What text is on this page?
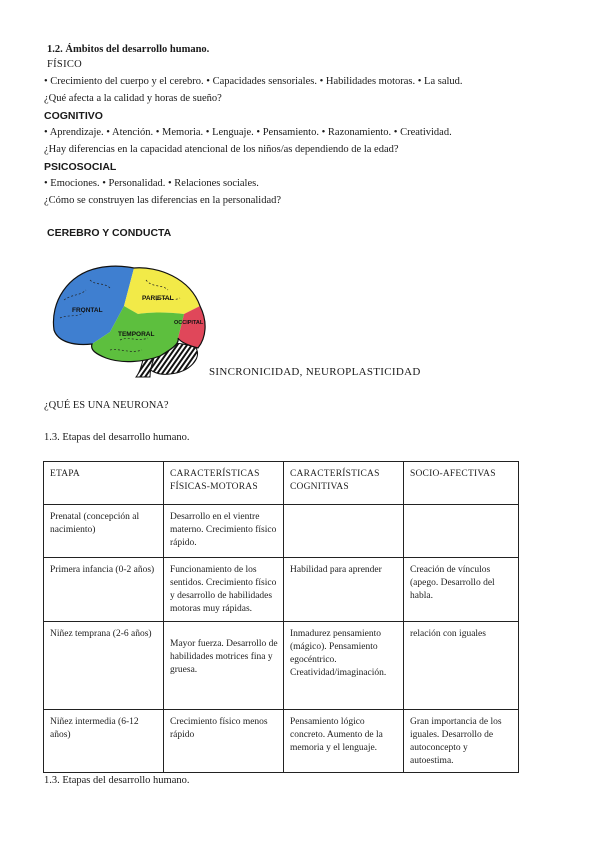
1.2. Ámbitos del desarrollo humano.
FÍSICO
• Crecimiento del cuerpo y el cerebro. • Capacidades sensoriales. • Habilidades motoras. • La salud.
¿Qué afecta a la calidad y horas de sueño?
COGNITIVO
• Aprendizaje. • Atención. • Memoria. • Lenguaje. • Pensamiento. • Razonamiento. • Creatividad.
¿Hay diferencias en la capacidad atencional de los niños/as dependiendo de la edad?
PSICOSOCIAL
• Emociones. • Personalidad. • Relaciones sociales.
¿Cómo se construyen las diferencias en la personalidad?
CEREBRO Y CONDUCTA
FRONTAL
PARIETAL
OCCIPITAL
TEMPORAL
SINCRONICIDAD, NEUROPLASTICIDAD
¿QUÉ ES UNA NEURONA?
1.3. Etapas del desarrollo humano.
ETAPA	CARACTERÍSTICAS FÍSICAS-MOTORAS	CARACTERÍSTICAS COGNITIVAS	SOCIO-AFECTIVAS

Prenatal (concepción al nacimiento)	Desarrollo en el vientre materno. Crecimiento físico rápido.		

Primera infancia (0-2 años)	Funcionamiento de los sentidos. Crecimiento físico y desarrollo de habilidades motoras muy rápidas.	Habilidad para aprender	Creación de vínculos (apego. Desarrollo del habla.

Niñez temprana (2-6 años)	Mayor fuerza. Desarrollo de habilidades motrices fina y gruesa.	Inmadurez pensamiento (mágico). Pensamiento egocéntrico. Creatividad/imaginación.	relación con iguales

Niñez intermedia (6-12 años)	Crecimiento físico menos rápido	Pensamiento lógico concreto. Aumento de la memoria y el lenguaje.	Gran importancia de los iguales. Desarrollo de autoconcepto y autoestima.
1.3. Etapas del desarrollo humano.
